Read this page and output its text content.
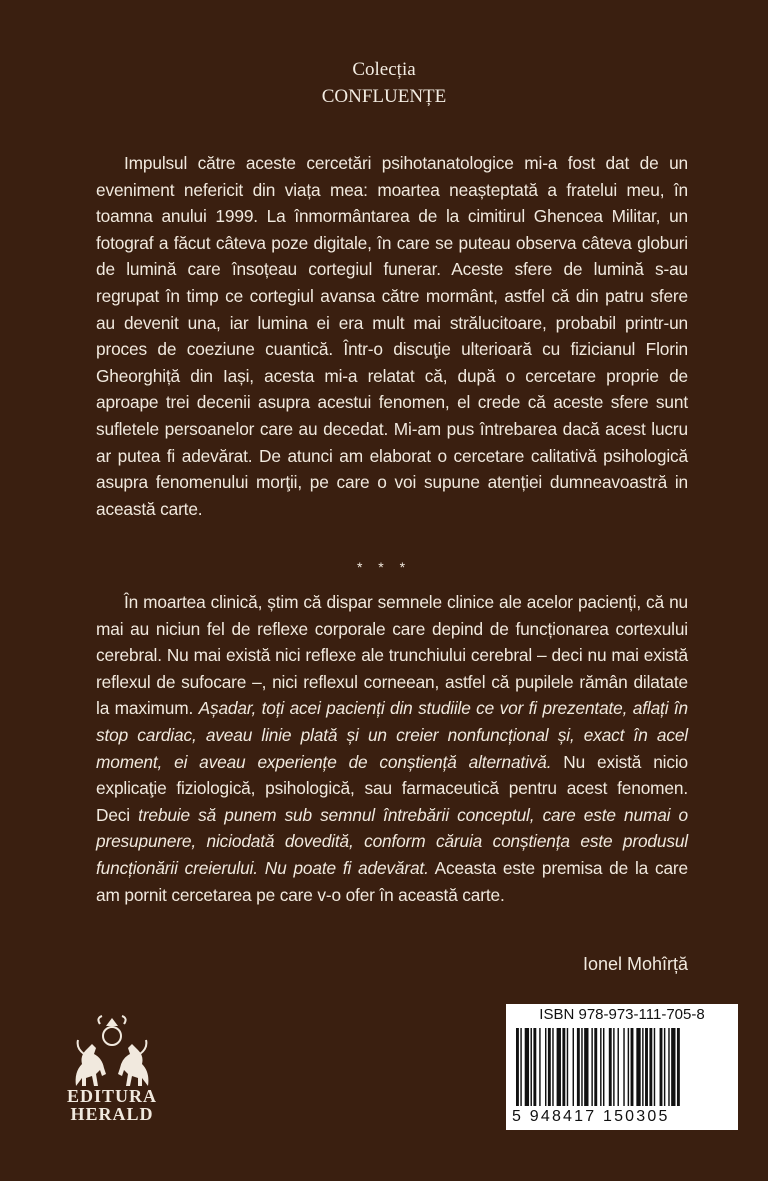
Colecția
CONFLUENȚE

Impulsul către aceste cercetări psihotanatologice mi-a fost dat de un eveniment nefericit din viața mea: moartea neașteptată a fratelui meu, în toamna anului 1999. La înmormântarea de la cimitirul Ghencea Militar, un fotograf a făcut câteva poze digitale, în care se puteau observa câteva globuri de lumină care însoțeau cortegiul funerar. Aceste sfere de lumină s-au regrupat în timp ce cortegiul avansa către mormânt, astfel că din patru sfere au devenit una, iar lumina ei era mult mai strălucitoare, probabil printr-un proces de coeziune cuantică. Într-o discuţie ulterioară cu fizicianul Florin Gheorghiță din Iași, acesta mi-a relatat că, după o cercetare proprie de aproape trei decenii asupra acestui fenomen, el crede că aceste sfere sunt sufletele persoanelor care au decedat. Mi-am pus întrebarea dacă acest lucru ar putea fi adevărat. De atunci am elaborat o cercetare calitativă psihologică asupra fenomenului morţii, pe care o voi supune atenției dumneavoastră in această carte.

* * *

În moartea clinică, știm că dispar semnele clinice ale acelor pacienți, că nu mai au niciun fel de reflexe corporale care depind de funcționarea cortexului cerebral. Nu mai există nici reflexe ale trunchiului cerebral – deci nu mai există reflexul de sufocare –, nici reflexul corneean, astfel că pupilele rămân dilatate la maximum. Așadar, toți acei pacienți din studiile ce vor fi prezentate, aflați în stop cardiac, aveau linie plată și un creier nonfuncțional și, exact în acel moment, ei aveau experiențe de conștiență alternativă. Nu există nicio explicaţie fiziologică, psihologică, sau farmaceutică pentru acest fenomen. Deci trebuie să punem sub semnul întrebării conceptul, care este numai o presupunere, niciodată dovedită, conform căruia conștiența este produsul funcționării creierului. Nu poate fi adevărat. Aceasta este premisa de la care am pornit cercetarea pe care v-o ofer în această carte.

Ionel Mohîrță
EDITURA
HERALD
ISBN 978-973-111-705-8
5 948417 150305
